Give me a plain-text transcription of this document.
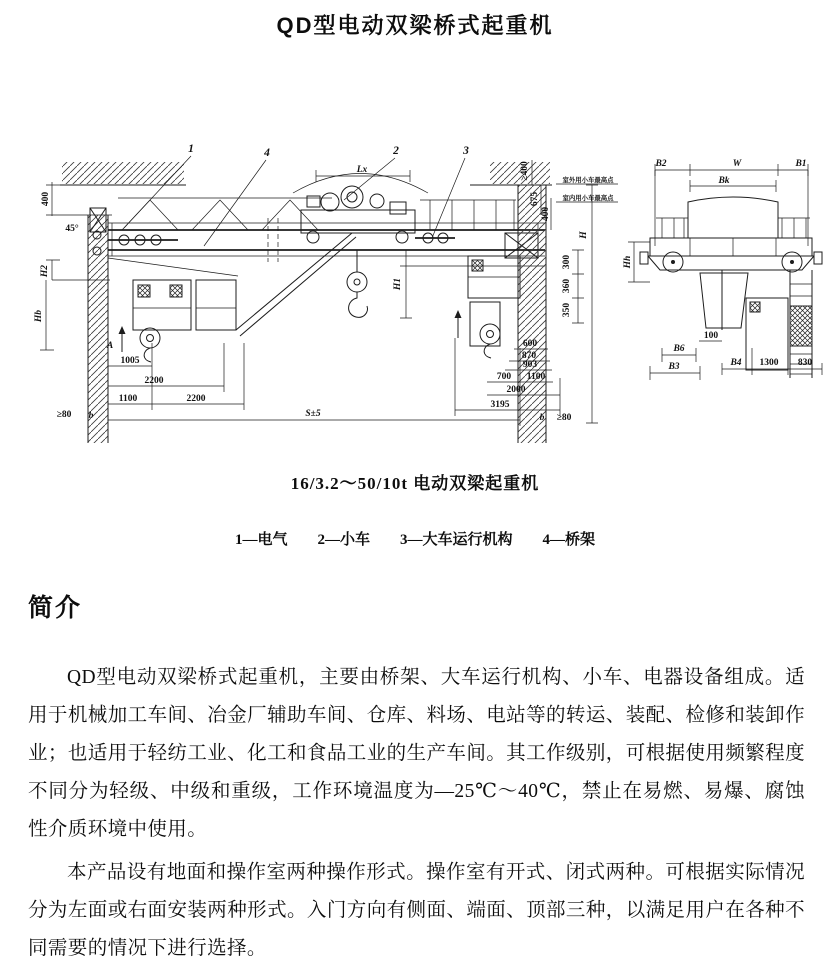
QD型电动双梁桥式起重机
1	4	2	3
Lx
400
45°
H2
Hb
A
1005
2200
1100	2200
≥80 b	S±5
≥400
675
400
室外用小车最高点
室内用小车最高点
H
H1
300
360
350
600
870
903
700 1100
2000
3195
b ≥80
B2	W	B1
Bk
Hh
100
B6
B3	B4 1300 830
16/3.2～50/10t 电动双梁起重机
1—电气 2—小车 3—大车运行机构 4—桥架
简介

QD型电动双梁桥式起重机，主要由桥架、大车运行机构、小车、电器设备组成。适用于机械加工车间、冶金厂辅助车间、仓库、料场、电站等的转运、装配、检修和装卸作业；也适用于轻纺工业、化工和食品工业的生产车间。其工作级别，可根据使用频繁程度不同分为轻级、中级和重级，工作环境温度为—25℃～40℃，禁止在易燃、易爆、腐蚀性介质环境中使用。

本产品设有地面和操作室两种操作形式。操作室有开式、闭式两种。可根据实际情况分为左面或右面安装两种形式。入门方向有侧面、端面、顶部三种，以满足用户在各种不同需要的情况下进行选择。
